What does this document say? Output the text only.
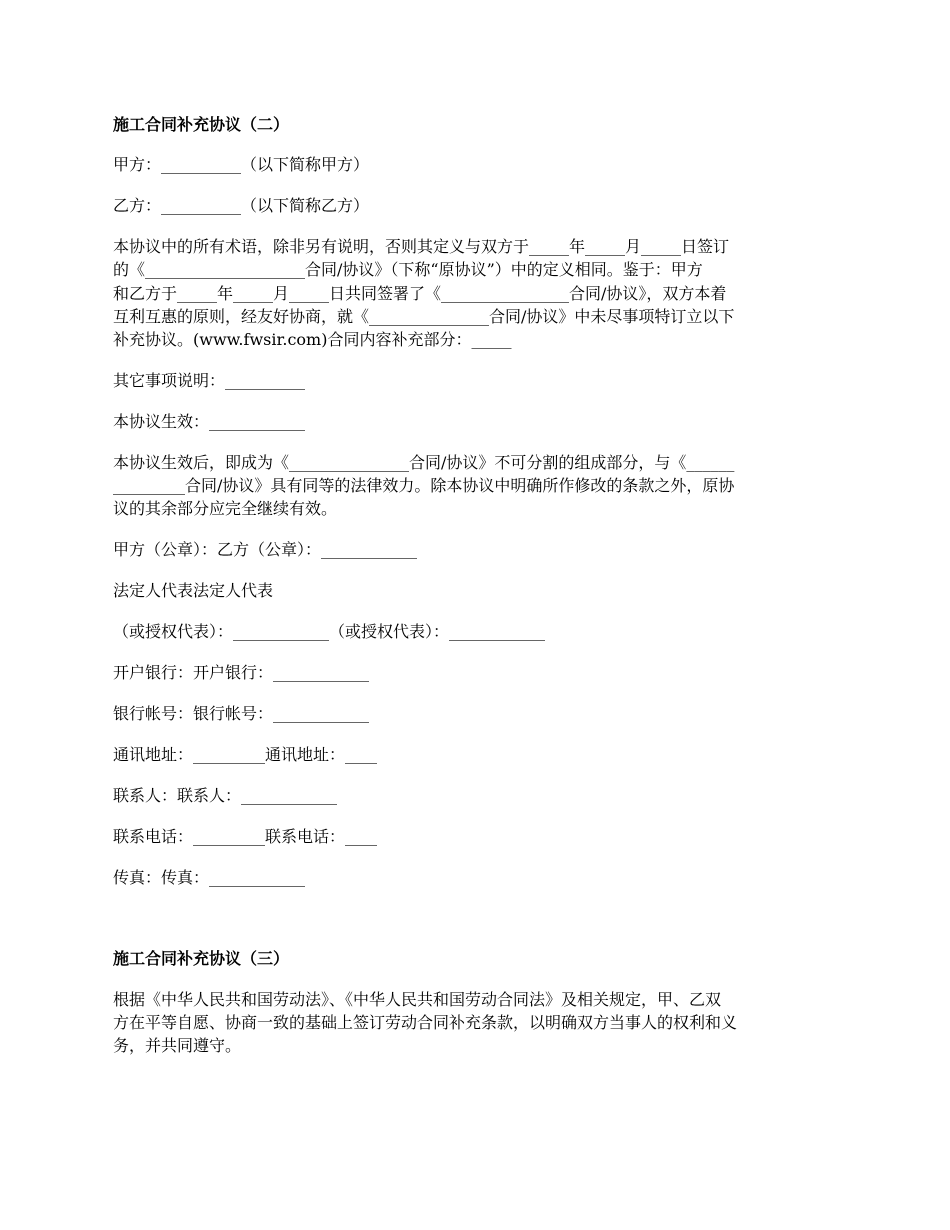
施工合同补充协议（二）

甲方：__________（以下简称甲方）

乙方：__________（以下简称乙方）

本协议中的所有术语，除非另有说明，否则其定义与双方于_____年_____月_____日签订

的《____________________合同/协议》（下称“原协议”）中的定义相同。鉴于：甲方

和乙方于_____年_____月_____日共同签署了《________________合同/协议》，双方本着

互利互惠的原则，经友好协商，就《_______________合同/协议》中未尽事项特订立以下

补充协议。(www.fwsir.com)合同内容补充部分：_____

其它事项说明：__________

本协议生效：____________

本协议生效后，即成为《_______________合同/协议》不可分割的组成部分，与《______

_________合同/协议》具有同等的法律效力。除本协议中明确所作修改的条款之外，原协

议的其余部分应完全继续有效。

甲方（公章）：乙方（公章）：____________

法定人代表法定人代表

（或授权代表）：____________（或授权代表）：____________

开户银行：开户银行：____________

银行帐号：银行帐号：____________

通讯地址：_________通讯地址：____

联系人：联系人：____________

联系电话：_________联系电话：____

传真：传真：____________

施工合同补充协议（三）

根据《中华人民共和国劳动法》、《中华人民共和国劳动合同法》及相关规定，甲、乙双

方在平等自愿、协商一致的基础上签订劳动合同补充条款，以明确双方当事人的权利和义

务，并共同遵守。
